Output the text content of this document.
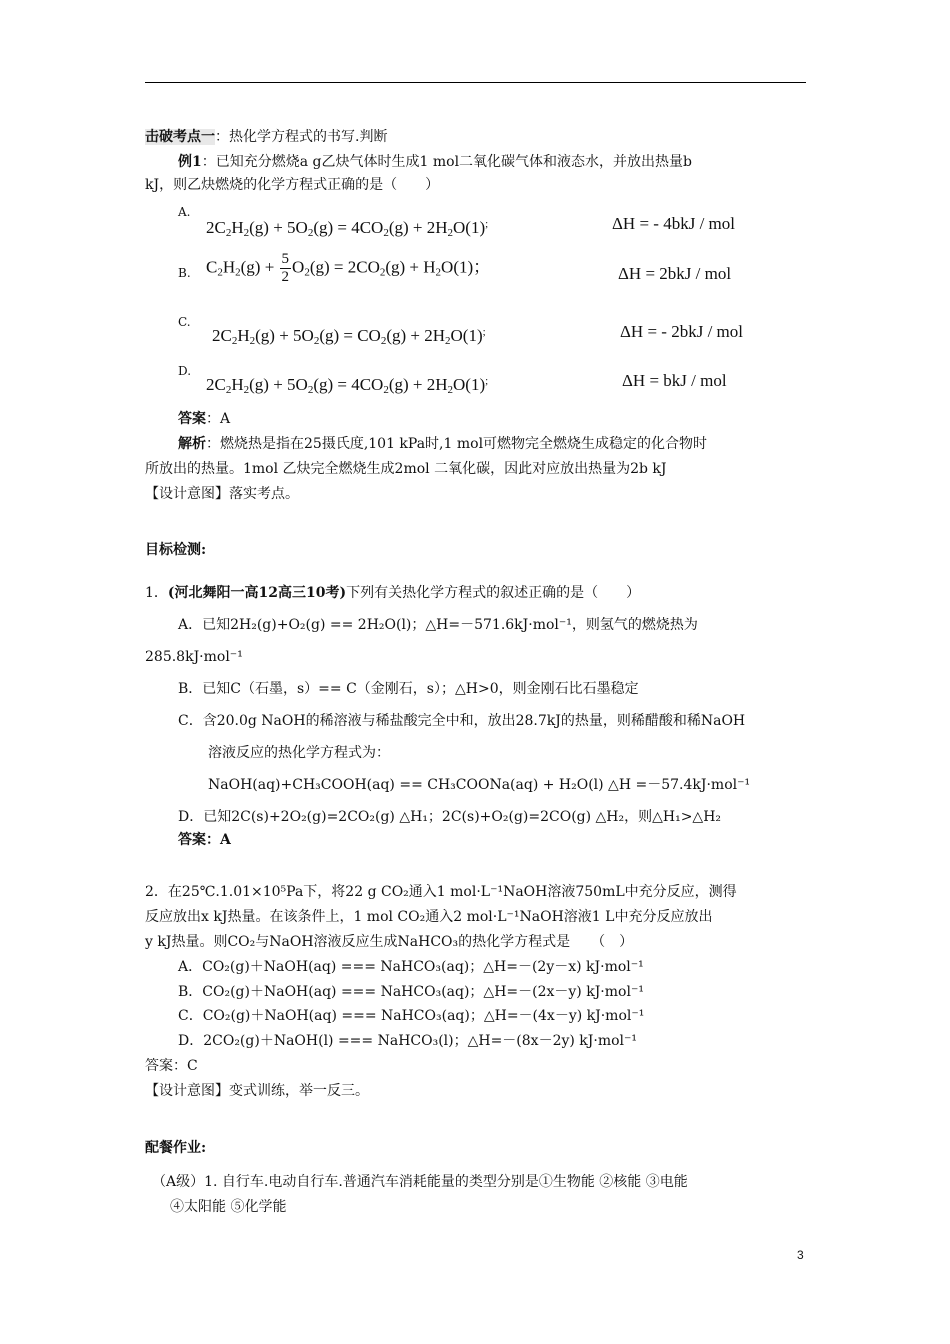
击破考点一：热化学方程式的书写.判断
例1：已知充分燃烧a g乙炔气体时生成1 mol二氧化碳气体和液态水，并放出热量b
kJ，则乙炔燃烧的化学方程式正确的是（　　）
A.
$2C_2H_2(g) + 5O_2(g) = 4CO_2(g) + 2H_2O(1)^;$	ΔH = - 4bkJ / mol
B. $C_2H_2(g) + \frac{5}{2} O_2(g) = 2CO_2(g) + H_2O(1)$；	ΔH = 2bkJ / mol
C.
$2C_2H_2(g) + 5O_2(g) = CO_2(g) + 2H_2O(1)^;$	ΔH = - 2bkJ / mol
D.
$2C_2H_2(g) + 5O_2(g) = 4CO_2(g) + 2H_2O(1)^;$	ΔH = bkJ / mol
答案：A
解析：燃烧热是指在25摄氏度,101 kPa时,1 mol可燃物完全燃烧生成稳定的化合物时
所放出的热量。1mol 乙炔完全燃烧生成2mol 二氧化碳，因此对应放出热量为2b kJ
【设计意图】落实考点。
目标检测:
1．(河北舞阳一高12高三10考)下列有关热化学方程式的叙述正确的是（　　）
A．已知2H₂(g)+O₂(g) == 2H₂O(l)；△H=－571.6kJ·mol⁻¹，则氢气的燃烧热为
285.8kJ·mol⁻¹
B．已知C（石墨，s）== C（金刚石，s）；△H>0，则金刚石比石墨稳定
C．含20.0g NaOH的稀溶液与稀盐酸完全中和，放出28.7kJ的热量，则稀醋酸和稀NaOH
溶液反应的热化学方程式为：
NaOH(aq)+CH₃COOH(aq) == CH₃COONa(aq) + H₂O(l) △H =－57.4kJ·mol⁻¹
D．已知2C(s)+2O₂(g)=2CO₂(g) △H₁；2C(s)+O₂(g)=2CO(g) △H₂，则△H₁>△H₂
答案：A
2．在25℃.1.01×10⁵Pa下，将22 g CO₂通入1 mol·L⁻¹NaOH溶液750mL中充分反应，测得
反应放出x kJ热量。在该条件上，1 mol CO₂通入2 mol·L⁻¹NaOH溶液1 L中充分反应放出
y kJ热量。则CO₂与NaOH溶液反应生成NaHCO₃的热化学方程式是　　（　）
A．CO₂(g)＋NaOH(aq) === NaHCO₃(aq)；△H=－(2y－x) kJ·mol⁻¹
B．CO₂(g)＋NaOH(aq) === NaHCO₃(aq)；△H=－(2x－y) kJ·mol⁻¹
C．CO₂(g)＋NaOH(aq) === NaHCO₃(aq)；△H=－(4x－y) kJ·mol⁻¹
D．2CO₂(g)＋NaOH(l) === NaHCO₃(l)；△H=－(8x－2y) kJ·mol⁻¹
答案：C
【设计意图】变式训练，举一反三。
配餐作业:
（A级）1. 自行车.电动自行车.普通汽车消耗能量的类型分别是①生物能 ②核能 ③电能
④太阳能 ⑤化学能
3
